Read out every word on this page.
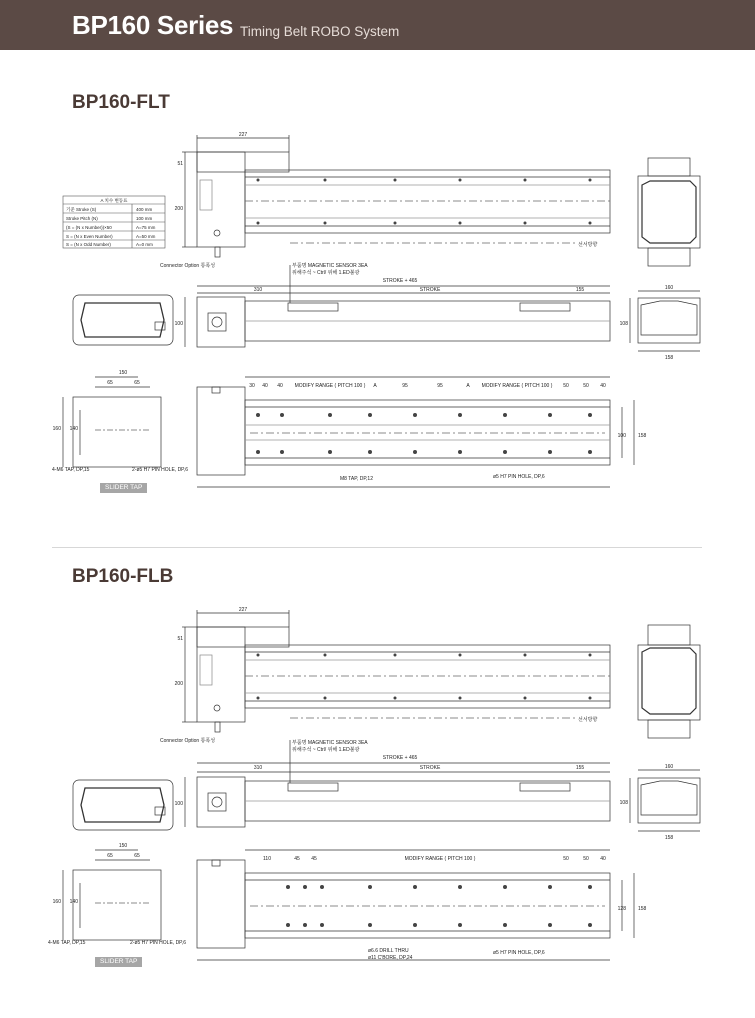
BP160 Series Timing Belt ROBO System
BP160-FLT
BP160-FLB
A 치수 변동표
기준 Stroke (S)	400 mm
Stroke Pitch (N)	100 mm
(S = (N x Number))×50	A=75 mm
S = (N x Even Number)	A=50 mm
S = (N x Odd Number)	A=0 mm
227
51
200
Connector Option 통폭성
선서방향
부품명 MAGNETIC SENSOR 3EA
위해주석 ~ Ctrl/ 위해 1.ED불광
STROKE + 465
310	STROKE	155
100
160
108
158
150
65	65
160 140
4-M6 TAP, DP,15	2-ø5 H7 PIN HOLE, DP,6
30 40 40 MODIFY RANGE ( PITCH 100 ) A	95	95	A MODIFY RANGE ( PITCH 100 ) 50	50 40
M8 TAP, DP,12	ø5 H7 PIN HOLE, DP,6
100 158
SLIDER TAP
227
51
200
Connector Option 통폭성
선서방향
부품명 MAGNETIC SENSOR 3EA
위해주석 ~ Ctrl/ 위해 1.ED불광
STROKE + 465
310	STROKE	155
100
160
108
158
150
65	65
160 140
4-M6 TAP, DP,15	2-ø5 H7 PIN HOLE, DP,6
110	45 45	MODIFY RANGE ( PITCH 100 )	50	50 40
ø6.6 DRILL THRU
ø11 C'BORE, DP,24
ø5 H7 PIN HOLE, DP,6
128 158
SLIDER TAP
